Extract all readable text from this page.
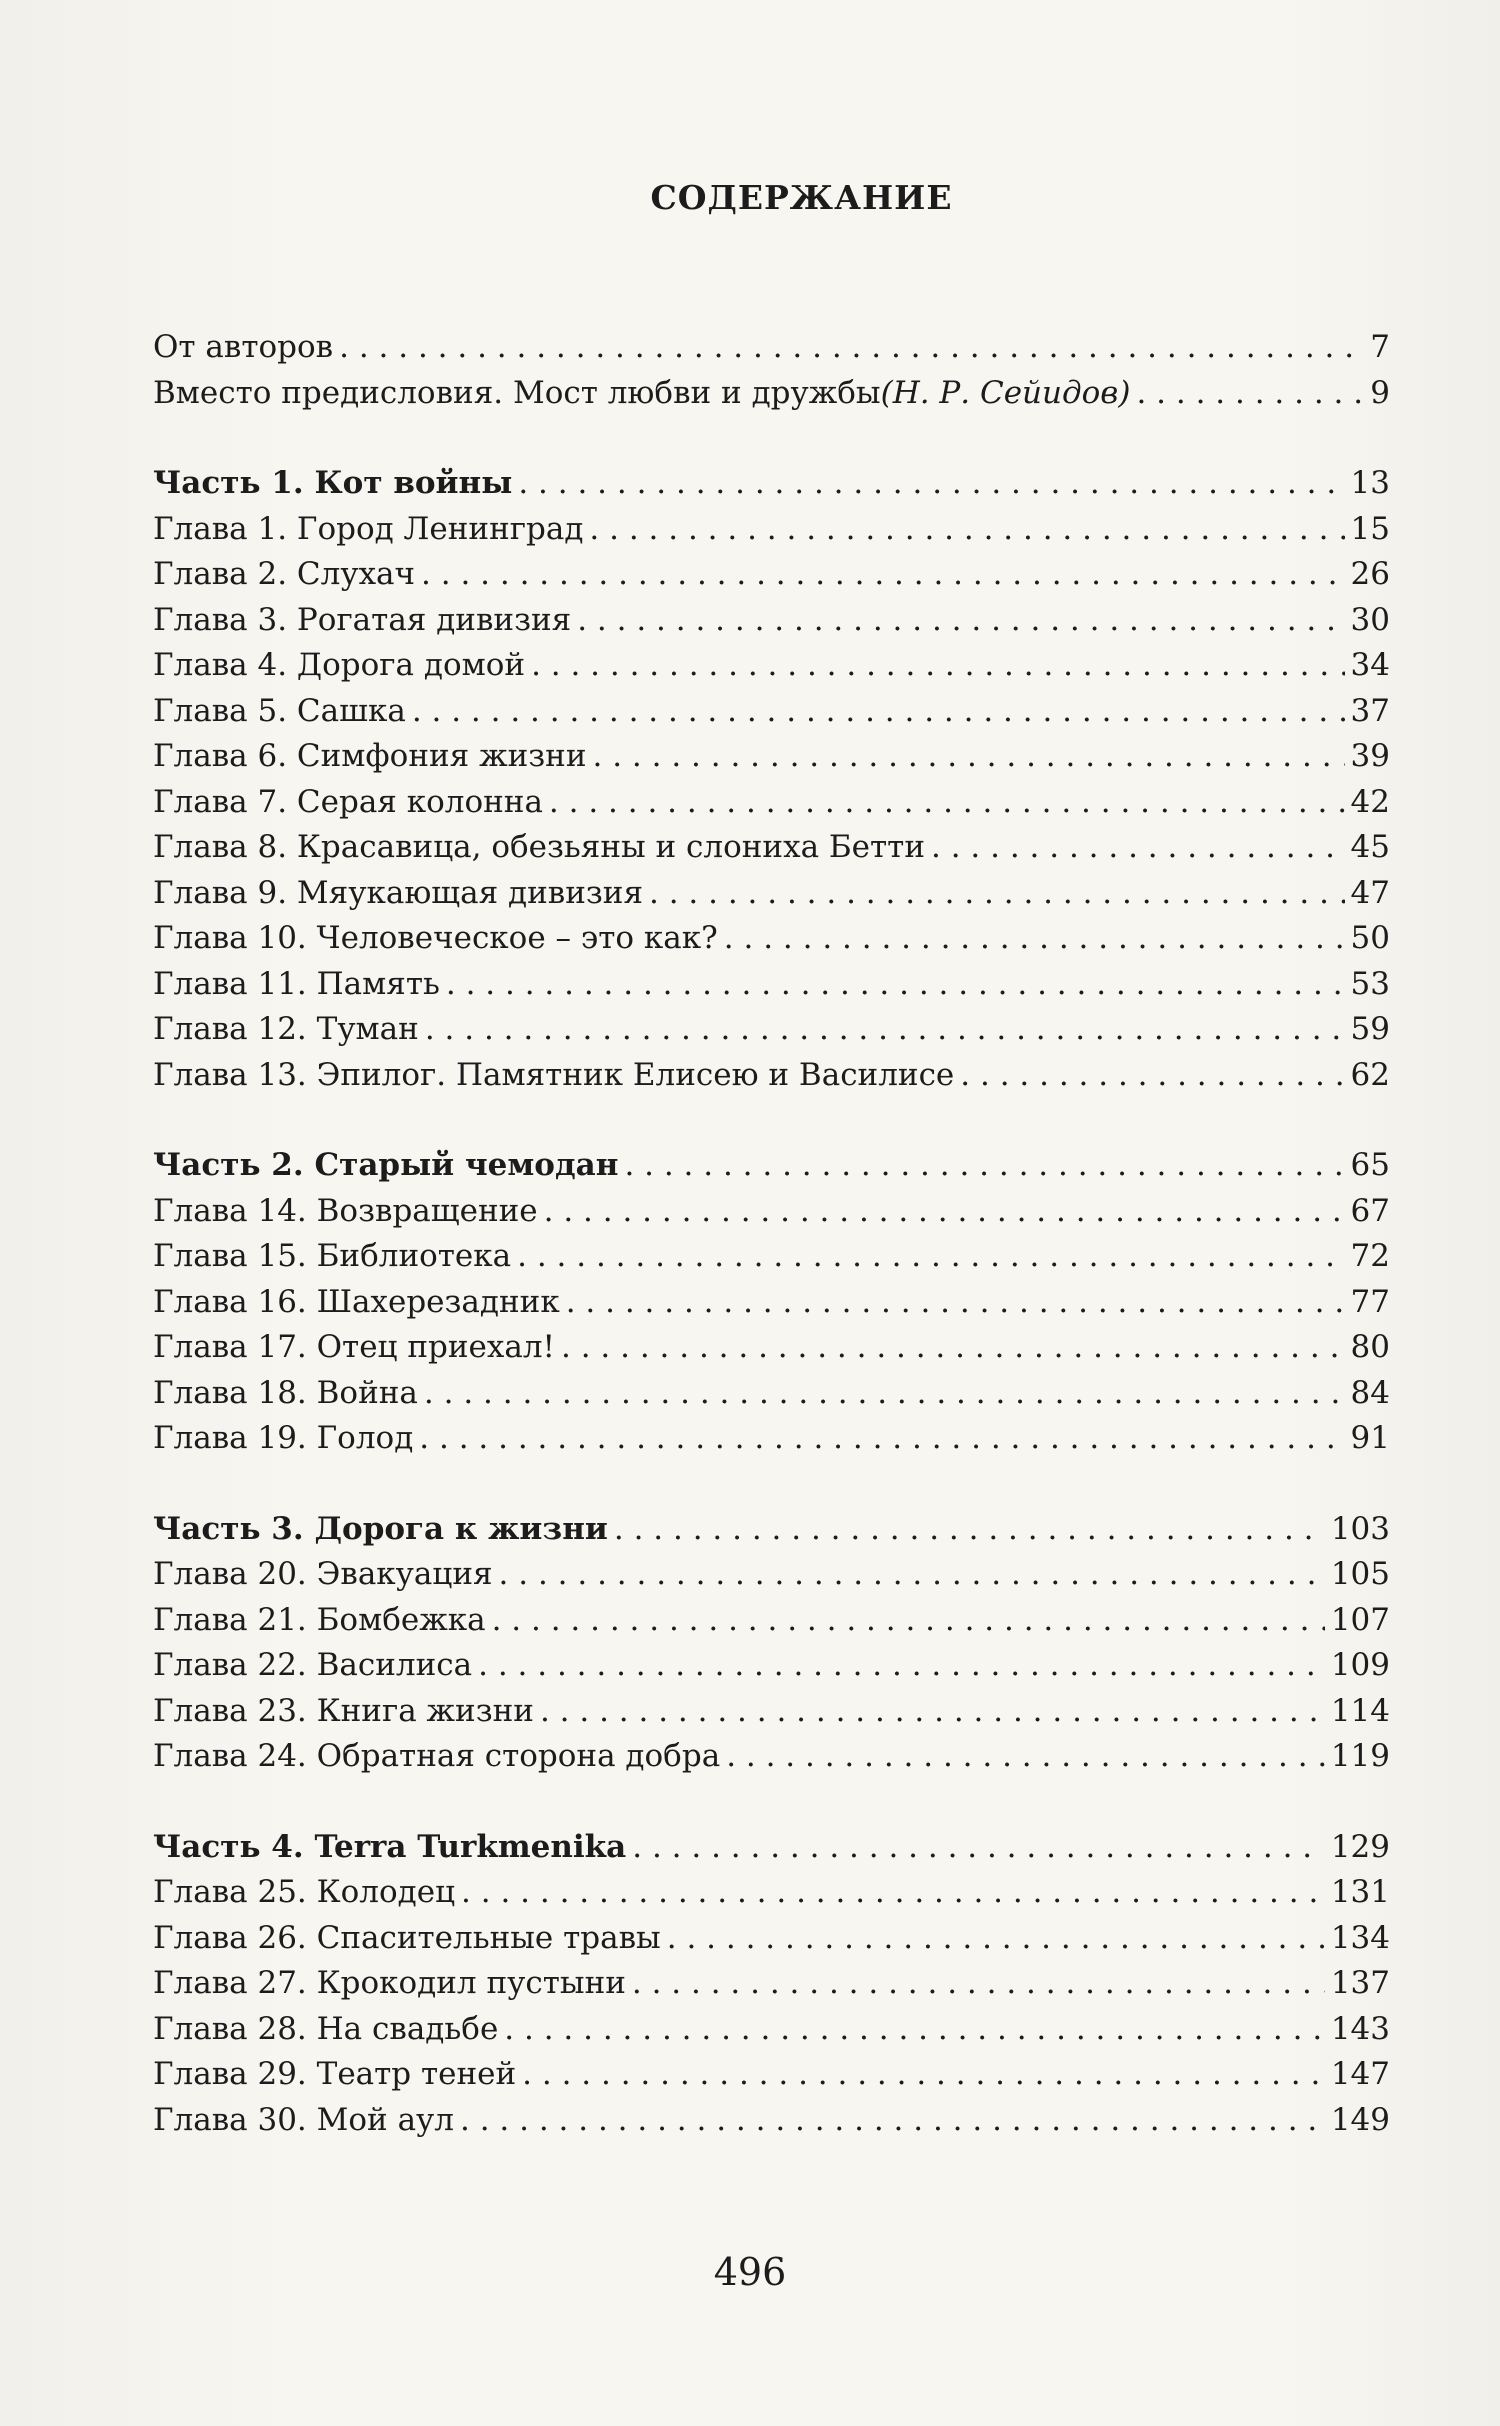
СОДЕРЖАНИЕ
От авторов . . .	7
Вместо предисловия. Мост любви и дружбы (Н. Р. Сейидов) . . .	9
Часть 1. Кот войны . . .	13
Глава 1. Город Ленинград . . .	15
Глава 2. Слухач . . .	26
Глава 3. Рогатая дивизия . . .	30
Глава 4. Дорога домой . . .	34
Глава 5. Сашка . . .	37
Глава 6. Симфония жизни . . .	39
Глава 7. Серая колонна . . .	42
Глава 8. Красавица, обезьяны и слониха Бетти . . .	45
Глава 9. Мяукающая дивизия . . .	47
Глава 10. Человеческое – это как? . . .	50
Глава 11. Память . . .	53
Глава 12. Туман . . .	59
Глава 13. Эпилог. Памятник Елисею и Василисе . . .	62
Часть 2. Старый чемодан . . .	65
Глава 14. Возвращение . . .	67
Глава 15. Библиотека . . .	72
Глава 16. Шахерезадник . . .	77
Глава 17. Отец приехал! . . .	80
Глава 18. Война . . .	84
Глава 19. Голод . . .	91
Часть 3. Дорога к жизни . . .	103
Глава 20. Эвакуация . . .	105
Глава 21. Бомбежка . . .	107
Глава 22. Василиса . . .	109
Глава 23. Книга жизни . . .	114
Глава 24. Обратная сторона добра . . .	119
Часть 4. Terra Turkmenika . . .	129
Глава 25. Колодец . . .	131
Глава 26. Спасительные травы . . .	134
Глава 27. Крокодил пустыни . . .	137
Глава 28. На свадьбе . . .	143
Глава 29. Театр теней . . .	147
Глава 30. Мой аул . . .	149
496
